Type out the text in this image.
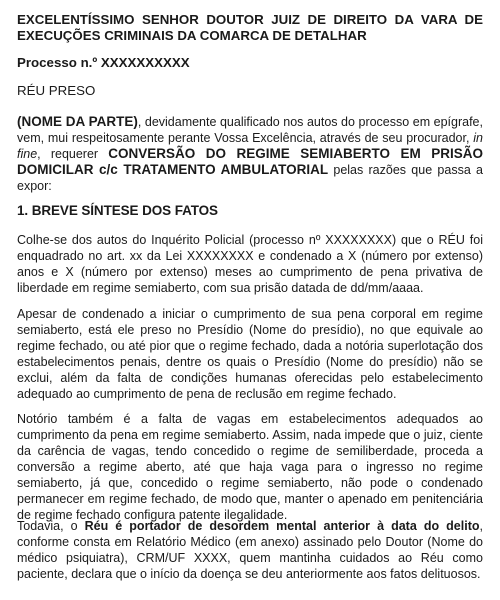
EXCELENTÍSSIMO SENHOR DOUTOR JUIZ DE DIREITO DA VARA DE EXECUÇÕES CRIMINAIS DA COMARCA DE DETALHAR
Processo n.º XXXXXXXXXX
RÉU PRESO

(NOME DA PARTE), devidamente qualificado nos autos do processo em epígrafe, vem, mui respeitosamente perante Vossa Excelência, através de seu procurador, in fine, requerer CONVERSÃO DO REGIME SEMIABERTO EM PRISÃO DOMICILAR c/c TRATAMENTO AMBULATORIAL pelas razões que passa a expor:

1. BREVE SÍNTESE DOS FATOS

Colhe-se dos autos do Inquérito Policial (processo nº XXXXXXXX) que o RÉU foi enquadrado no art. xx da Lei XXXXXXXX e condenado a X (número por extenso) anos e X (número por extenso) meses ao cumprimento de pena privativa de liberdade em regime semiaberto, com sua prisão datada de dd/mm/aaaa.

Apesar de condenado a iniciar o cumprimento de sua pena corporal em regime semiaberto, está ele preso no Presídio (Nome do presídio), no que equivale ao regime fechado, ou até pior que o regime fechado, dada a notória superlotação dos estabelecimentos penais, dentre os quais o Presídio (Nome do presídio) não se exclui, além da falta de condições humanas oferecidas pelo estabelecimento adequado ao cumprimento de pena de reclusão em regime fechado.

Notório também é a falta de vagas em estabelecimentos adequados ao cumprimento da pena em regime semiaberto. Assim, nada impede que o juiz, ciente da carência de vagas, tendo concedido o regime de semiliberdade, proceda a conversão a regime aberto, até que haja vaga para o ingresso no regime semiaberto, já que, concedido o regime semiaberto, não pode o condenado permanecer em regime fechado, de modo que, manter o apenado em penitenciária de regime fechado configura patente ilegalidade.

Todavia, o Réu é portador de desordem mental anterior à data do delito, conforme consta em Relatório Médico (em anexo) assinado pelo Doutor (Nome do médico psiquiatra), CRM/UF XXXX, quem mantinha cuidados ao Réu como paciente, declara que o início da doença se deu anteriormente aos fatos delituosos.
